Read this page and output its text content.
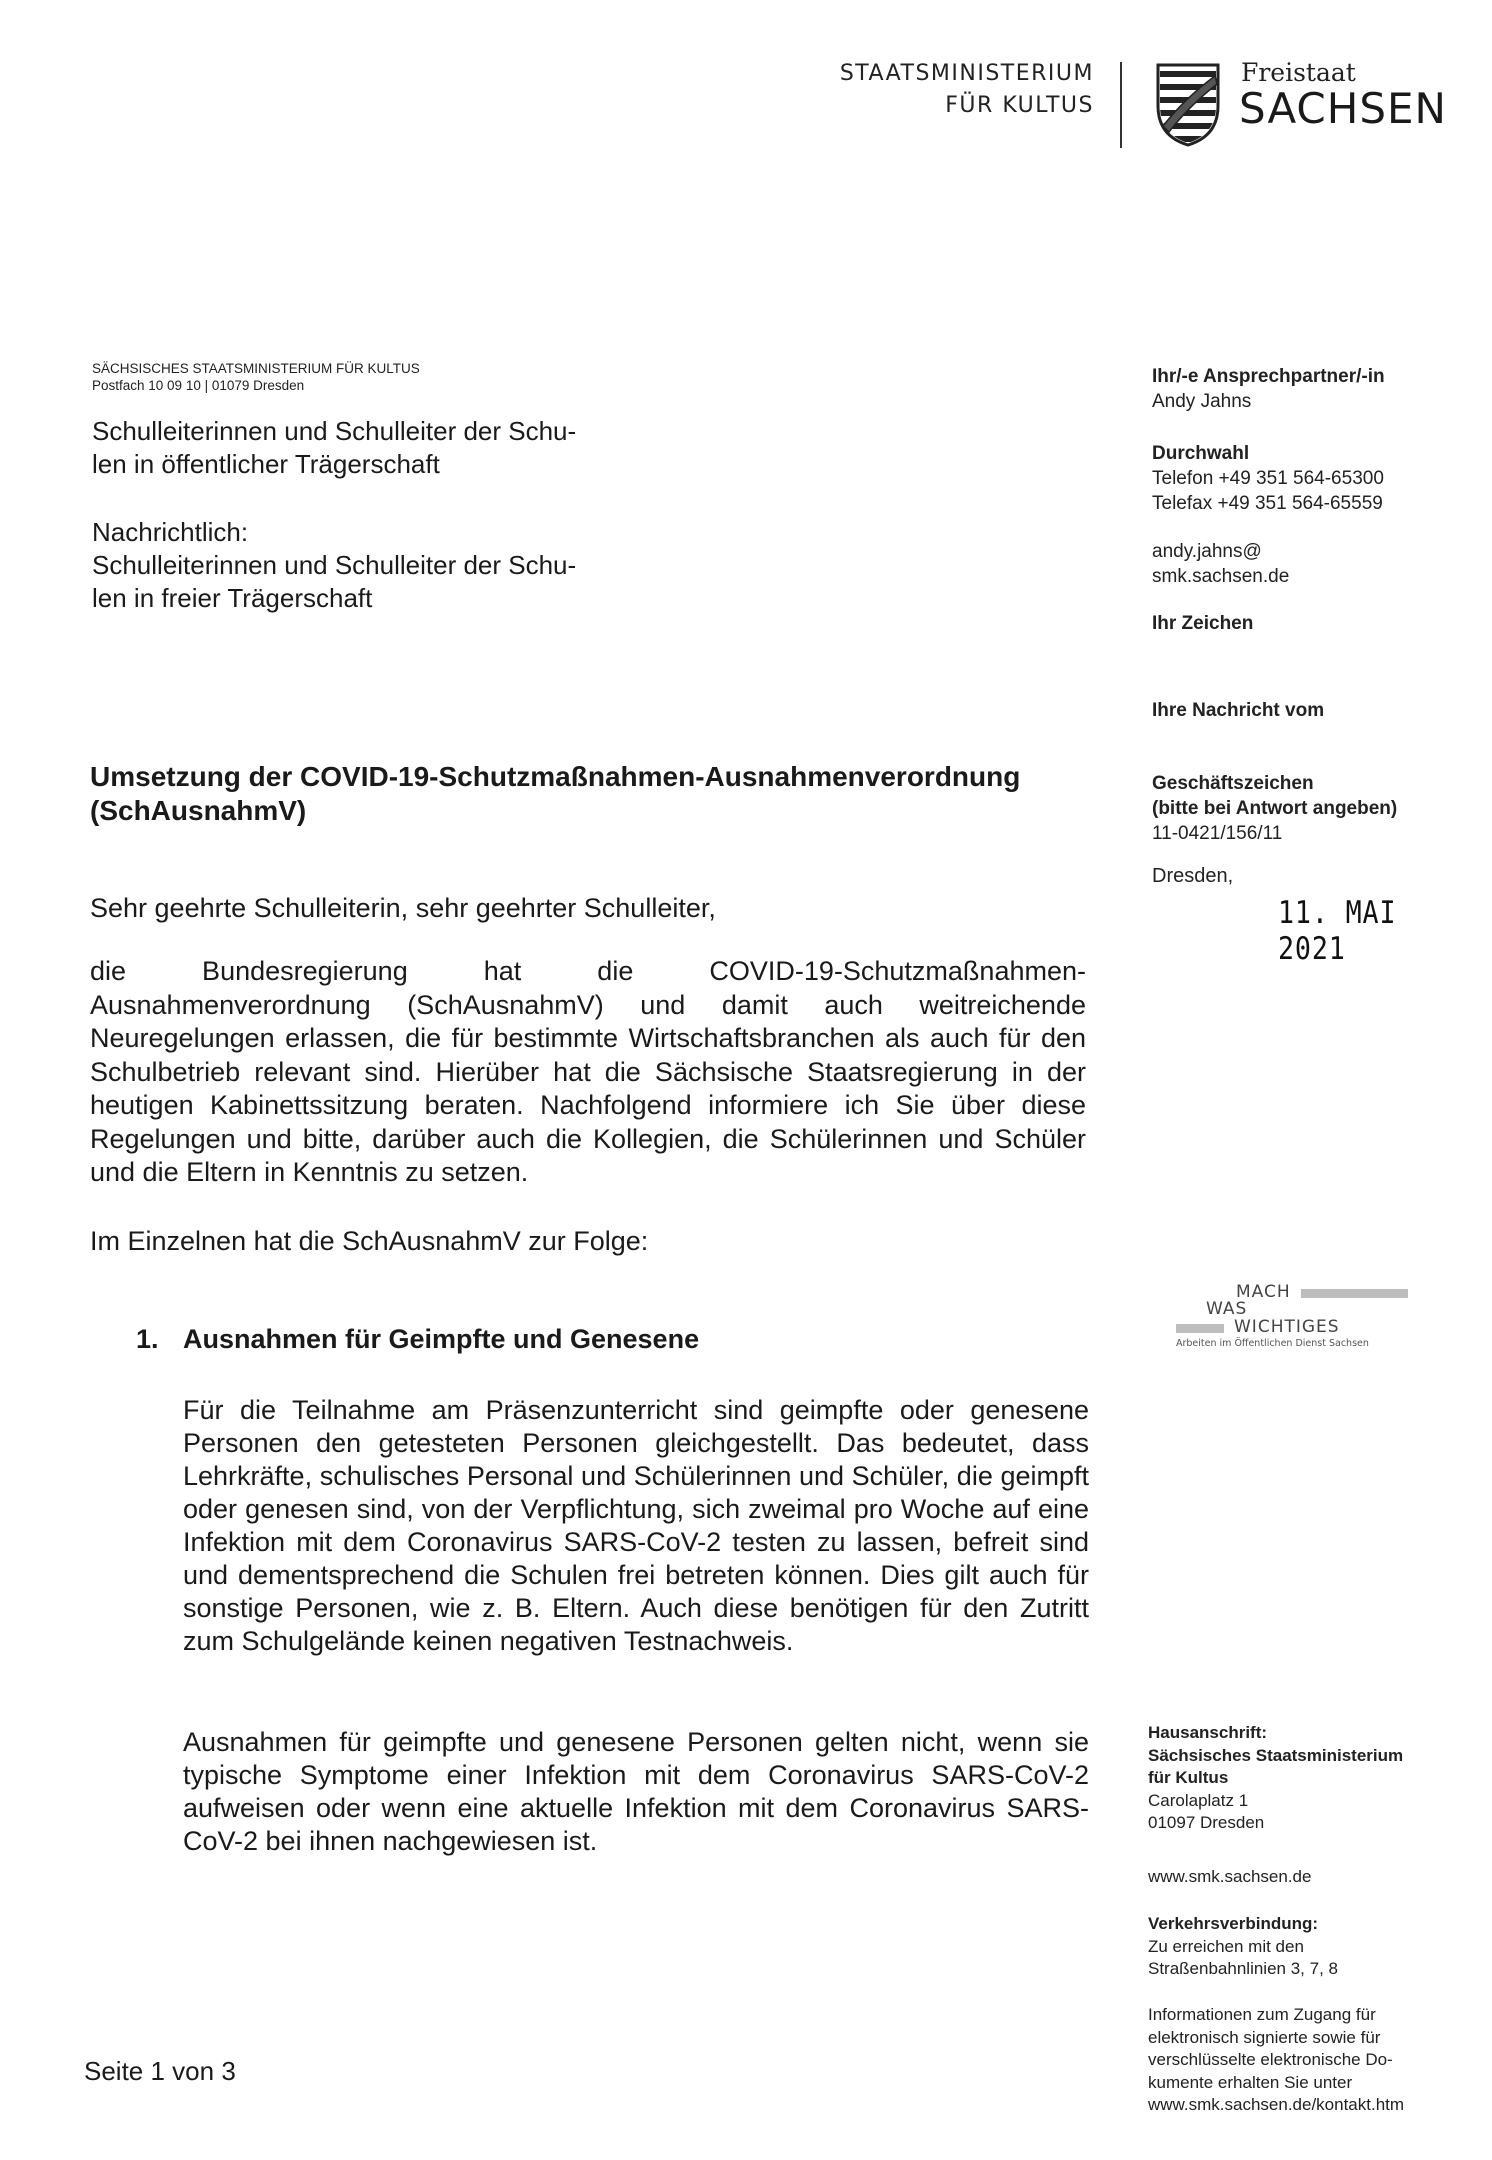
STAATSMINISTERIUM
FÜR KULTUS
Freistaat
SACHSEN
SÄCHSISCHES STAATSMINISTERIUM FÜR KULTUS
Postfach 10 09 10 | 01079 Dresden
Schulleiterinnen und Schulleiter der Schu-
len in öffentlicher Trägerschaft
Nachrichtlich:
Schulleiterinnen und Schulleiter der Schu-
len in freier Trägerschaft
Ihr/-e Ansprechpartner/-in
Andy Jahns
Durchwahl
Telefon +49 351 564-65300
Telefax +49 351 564-65559
andy.jahns@
smk.sachsen.de
Ihr Zeichen
Ihre Nachricht vom
Geschäftszeichen
(bitte bei Antwort angeben)
11-0421/156/11
Dresden,
11. MAI 2021
Umsetzung der COVID-19-Schutzmaßnahmen-Ausnahmenverordnung
(SchAusnahmV)
Sehr geehrte Schulleiterin, sehr geehrter Schulleiter,
die Bundesregierung hat die COVID-19-Schutzmaßnahmen-Ausnahmenverordnung (SchAusnahmV) und damit auch weitreichende Neuregelungen erlassen, die für bestimmte Wirtschaftsbranchen als auch für den Schulbetrieb relevant sind. Hierüber hat die Sächsische Staatsregierung in der heutigen Kabinettssitzung beraten. Nachfolgend informiere ich Sie über diese Regelungen und bitte, darüber auch die Kollegien, die Schülerinnen und Schüler und die Eltern in Kenntnis zu setzen.
Im Einzelnen hat die SchAusnahmV zur Folge:
1. Ausnahmen für Geimpfte und Genesene
Für die Teilnahme am Präsenzunterricht sind geimpfte oder genesene Personen den getesteten Personen gleichgestellt. Das bedeutet, dass Lehrkräfte, schulisches Personal und Schülerinnen und Schüler, die geimpft oder genesen sind, von der Verpflichtung, sich zweimal pro Woche auf eine Infektion mit dem Coronavirus SARS-CoV-2 testen zu lassen, befreit sind und dementsprechend die Schulen frei betreten können. Dies gilt auch für sonstige Personen, wie z. B. Eltern. Auch diese benötigen für den Zutritt zum Schulgelände keinen negativen Testnachweis.
Ausnahmen für geimpfte und genesene Personen gelten nicht, wenn sie typische Symptome einer Infektion mit dem Coronavirus SARS-CoV-2 aufweisen oder wenn eine aktuelle Infektion mit dem Coronavirus SARS-CoV-2 bei ihnen nachgewiesen ist.
MACH
WAS
WICHTIGES
Arbeiten im Öffentlichen Dienst Sachsen
Hausanschrift:
Sächsisches Staatsministerium
für Kultus
Carolaplatz 1
01097 Dresden
www.smk.sachsen.de
Verkehrsverbindung:
Zu erreichen mit den
Straßenbahnlinien 3, 7, 8
Informationen zum Zugang für
elektronisch signierte sowie für
verschlüsselte elektronische Do-
kumente erhalten Sie unter
www.smk.sachsen.de/kontakt.htm
Seite 1 von 3
